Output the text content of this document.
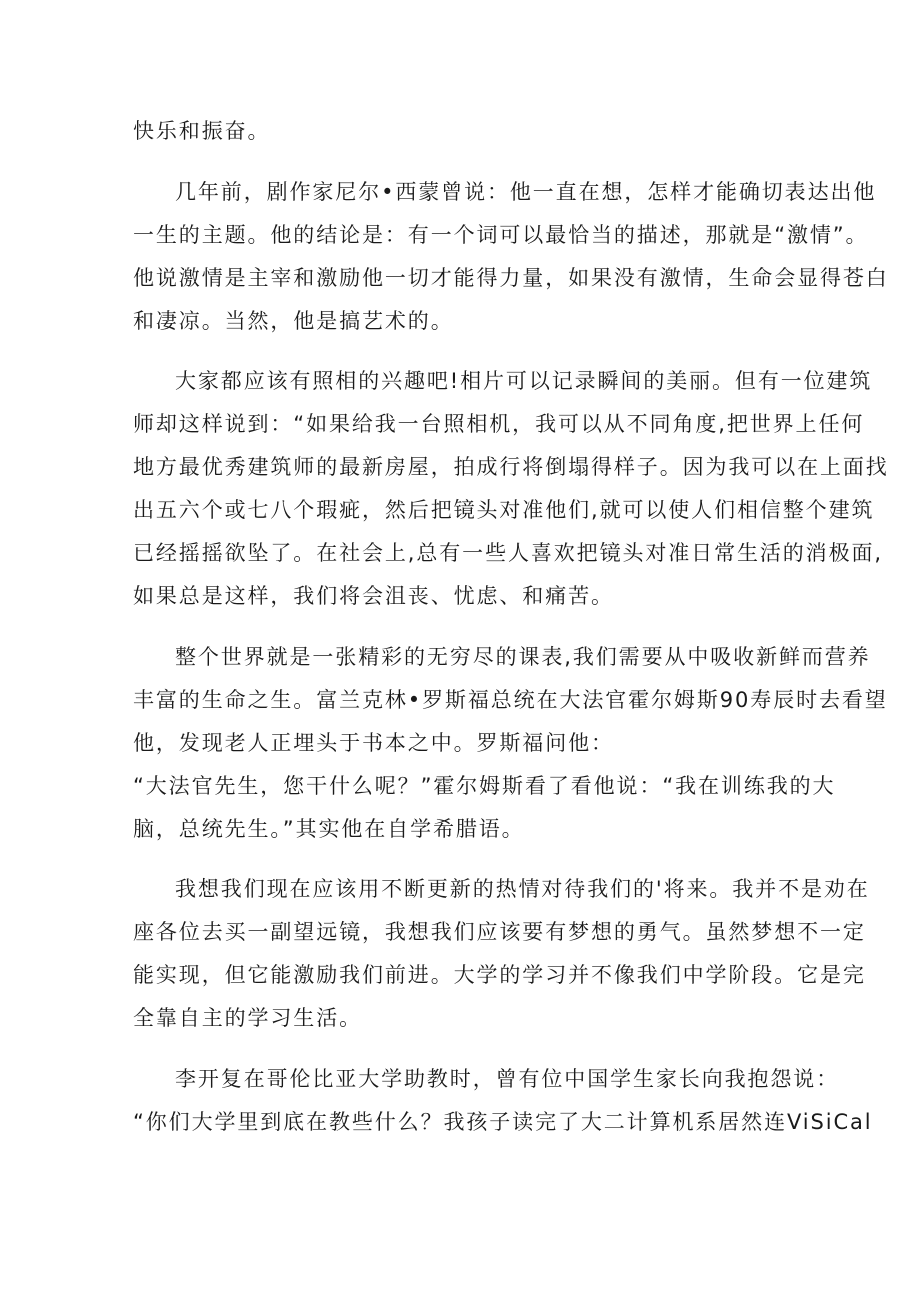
快乐和振奋。
几年前，剧作家尼尔•西蒙曾说：他一直在想，怎样才能确切表达出他
一生的主题。他的结论是：有一个词可以最恰当的描述，那就是“激情”。
他说激情是主宰和激励他一切才能得力量，如果没有激情，生命会显得苍白
和凄凉。当然，他是搞艺术的。
大家都应该有照相的兴趣吧!相片可以记录瞬间的美丽。但有一位建筑
师却这样说到：“如果给我一台照相机，我可以从不同角度,把世界上任何
地方最优秀建筑师的最新房屋，拍成行将倒塌得样子。因为我可以在上面找
出五六个或七八个瑕疵，然后把镜头对准他们,就可以使人们相信整个建筑
已经摇摇欲坠了。在社会上,总有一些人喜欢把镜头对准日常生活的消极面,
如果总是这样，我们将会沮丧、忧虑、和痛苦。
整个世界就是一张精彩的无穷尽的课表,我们需要从中吸收新鲜而营养
丰富的生命之生。富兰克林•罗斯福总统在大法官霍尔姆斯90寿辰时去看望
他，发现老人正埋头于书本之中。罗斯福问他：
“大法官先生，您干什么呢？”霍尔姆斯看了看他说：“我在训练我的大
脑，总统先生。”其实他在自学希腊语。
我想我们现在应该用不断更新的热情对待我们的'将来。我并不是劝在
座各位去买一副望远镜，我想我们应该要有梦想的勇气。虽然梦想不一定
能实现，但它能激励我们前进。大学的学习并不像我们中学阶段。它是完
全靠自主的学习生活。
李开复在哥伦比亚大学助教时，曾有位中国学生家长向我抱怨说：
“你们大学里到底在教些什么？我孩子读完了大二计算机系居然连ViSiCal
